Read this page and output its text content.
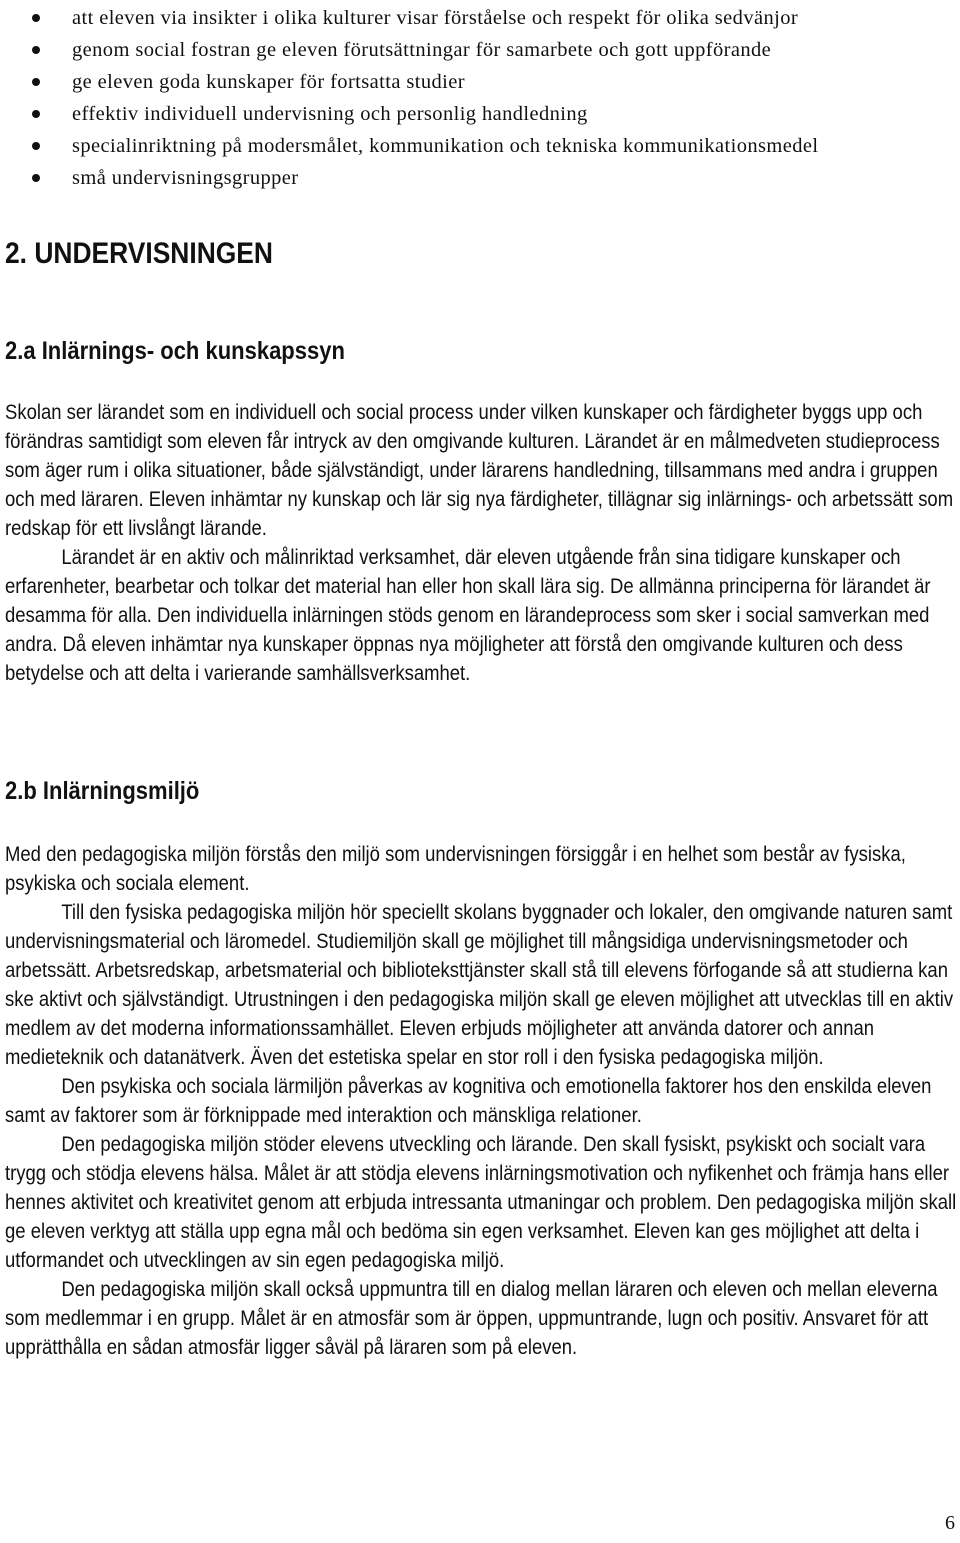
att eleven via insikter i olika kulturer visar förståelse och respekt för olika sedvänjor
genom social fostran ge eleven förutsättningar för samarbete och gott uppförande
ge eleven goda kunskaper för fortsatta studier
effektiv individuell undervisning och personlig handledning
specialinriktning på modersmålet, kommunikation och tekniska kommunikationsmedel
små undervisningsgrupper
2. UNDERVISNINGEN
2.a Inlärnings- och kunskapssyn

Skolan ser lärandet som en individuell och social process under vilken kunskaper och färdigheter byggs upp och förändras samtidigt som eleven får intryck av den omgivande kulturen. Lärandet är en målmedveten studieprocess som äger rum i olika situationer, både självständigt, under lärarens handledning, tillsammans med andra i gruppen och med läraren. Eleven inhämtar ny kunskap och lär sig nya färdigheter, tillägnar sig inlärnings- och arbetssätt som redskap för ett livslångt lärande.

Lärandet är en aktiv och målinriktad verksamhet, där eleven utgående från sina tidigare kunskaper och erfarenheter, bearbetar och tolkar det material han eller hon skall lära sig. De allmänna principerna för lärandet är desamma för alla. Den individuella inlärningen stöds genom en lärandeprocess som sker i social samverkan med andra. Då eleven inhämtar nya kunskaper öppnas nya möjligheter att förstå den omgivande kulturen och dess betydelse och att delta i varierande samhällsverksamhet.

2.b Inlärningsmiljö

Med den pedagogiska miljön förstås den miljö som undervisningen försiggår i en helhet som består av fysiska, psykiska och sociala element.

Till den fysiska pedagogiska miljön hör speciellt skolans byggnader och lokaler, den omgivande naturen samt undervisningsmaterial och läromedel. Studiemiljön skall ge möjlighet till mångsidiga undervisningsmetoder och arbetssätt. Arbetsredskap, arbetsmaterial och biblioteksttjänster skall stå till elevens förfogande så att studierna kan ske aktivt och självständigt. Utrustningen i den pedagogiska miljön skall ge eleven möjlighet att utvecklas till en aktiv medlem av det moderna informationssamhället. Eleven erbjuds möjligheter att använda datorer och annan medieteknik och datanätverk. Även det estetiska spelar en stor roll i den fysiska pedagogiska miljön.

Den psykiska och sociala lärmiljön påverkas av kognitiva och emotionella faktorer hos den enskilda eleven samt av faktorer som är förknippade med interaktion och mänskliga relationer.

Den pedagogiska miljön stöder elevens utveckling och lärande. Den skall fysiskt, psykiskt och socialt vara trygg och stödja elevens hälsa. Målet är att stödja elevens inlärningsmotivation och nyfikenhet och främja hans eller hennes aktivitet och kreativitet genom att erbjuda intressanta utmaningar och problem. Den pedagogiska miljön skall ge eleven verktyg att ställa upp egna mål och bedöma sin egen verksamhet. Eleven kan ges möjlighet att delta i utformandet och utvecklingen av sin egen pedagogiska miljö.

Den pedagogiska miljön skall också uppmuntra till en dialog mellan läraren och eleven och mellan eleverna som medlemmar i en grupp. Målet är en atmosfär som är öppen, uppmuntrande, lugn och positiv. Ansvaret för att upprätthålla en sådan atmosfär ligger såväl på läraren som på eleven.

6
